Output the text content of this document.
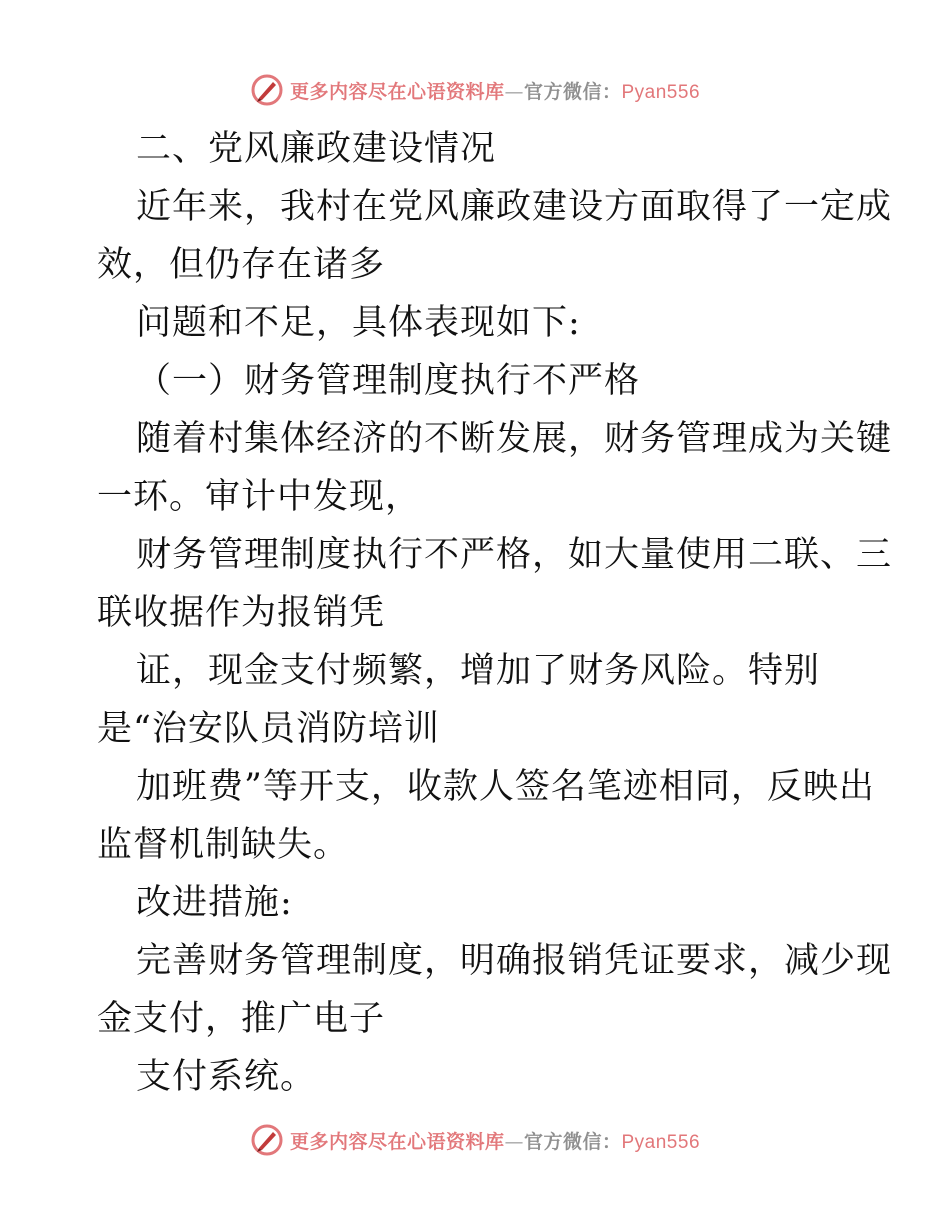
更多内容尽在心语资料库—官方微信：Pyan556
二、党风廉政建设情况
近年来，我村在党风廉政建设方面取得了一定成
效，但仍存在诸多
问题和不足，具体表现如下:
（一）财务管理制度执行不严格
随着村集体经济的不断发展，财务管理成为关键
一环。审计中发现，
财务管理制度执行不严格，如大量使用二联、三
联收据作为报销凭
证，现金支付频繁，增加了财务风险。特别
是“治安队员消防培训
加班费”等开支，收款人签名笔迹相同，反映出
监督机制缺失。
改进措施:
完善财务管理制度，明确报销凭证要求，减少现
金支付，推广电子
支付系统。
更多内容尽在心语资料库—官方微信：Pyan556
